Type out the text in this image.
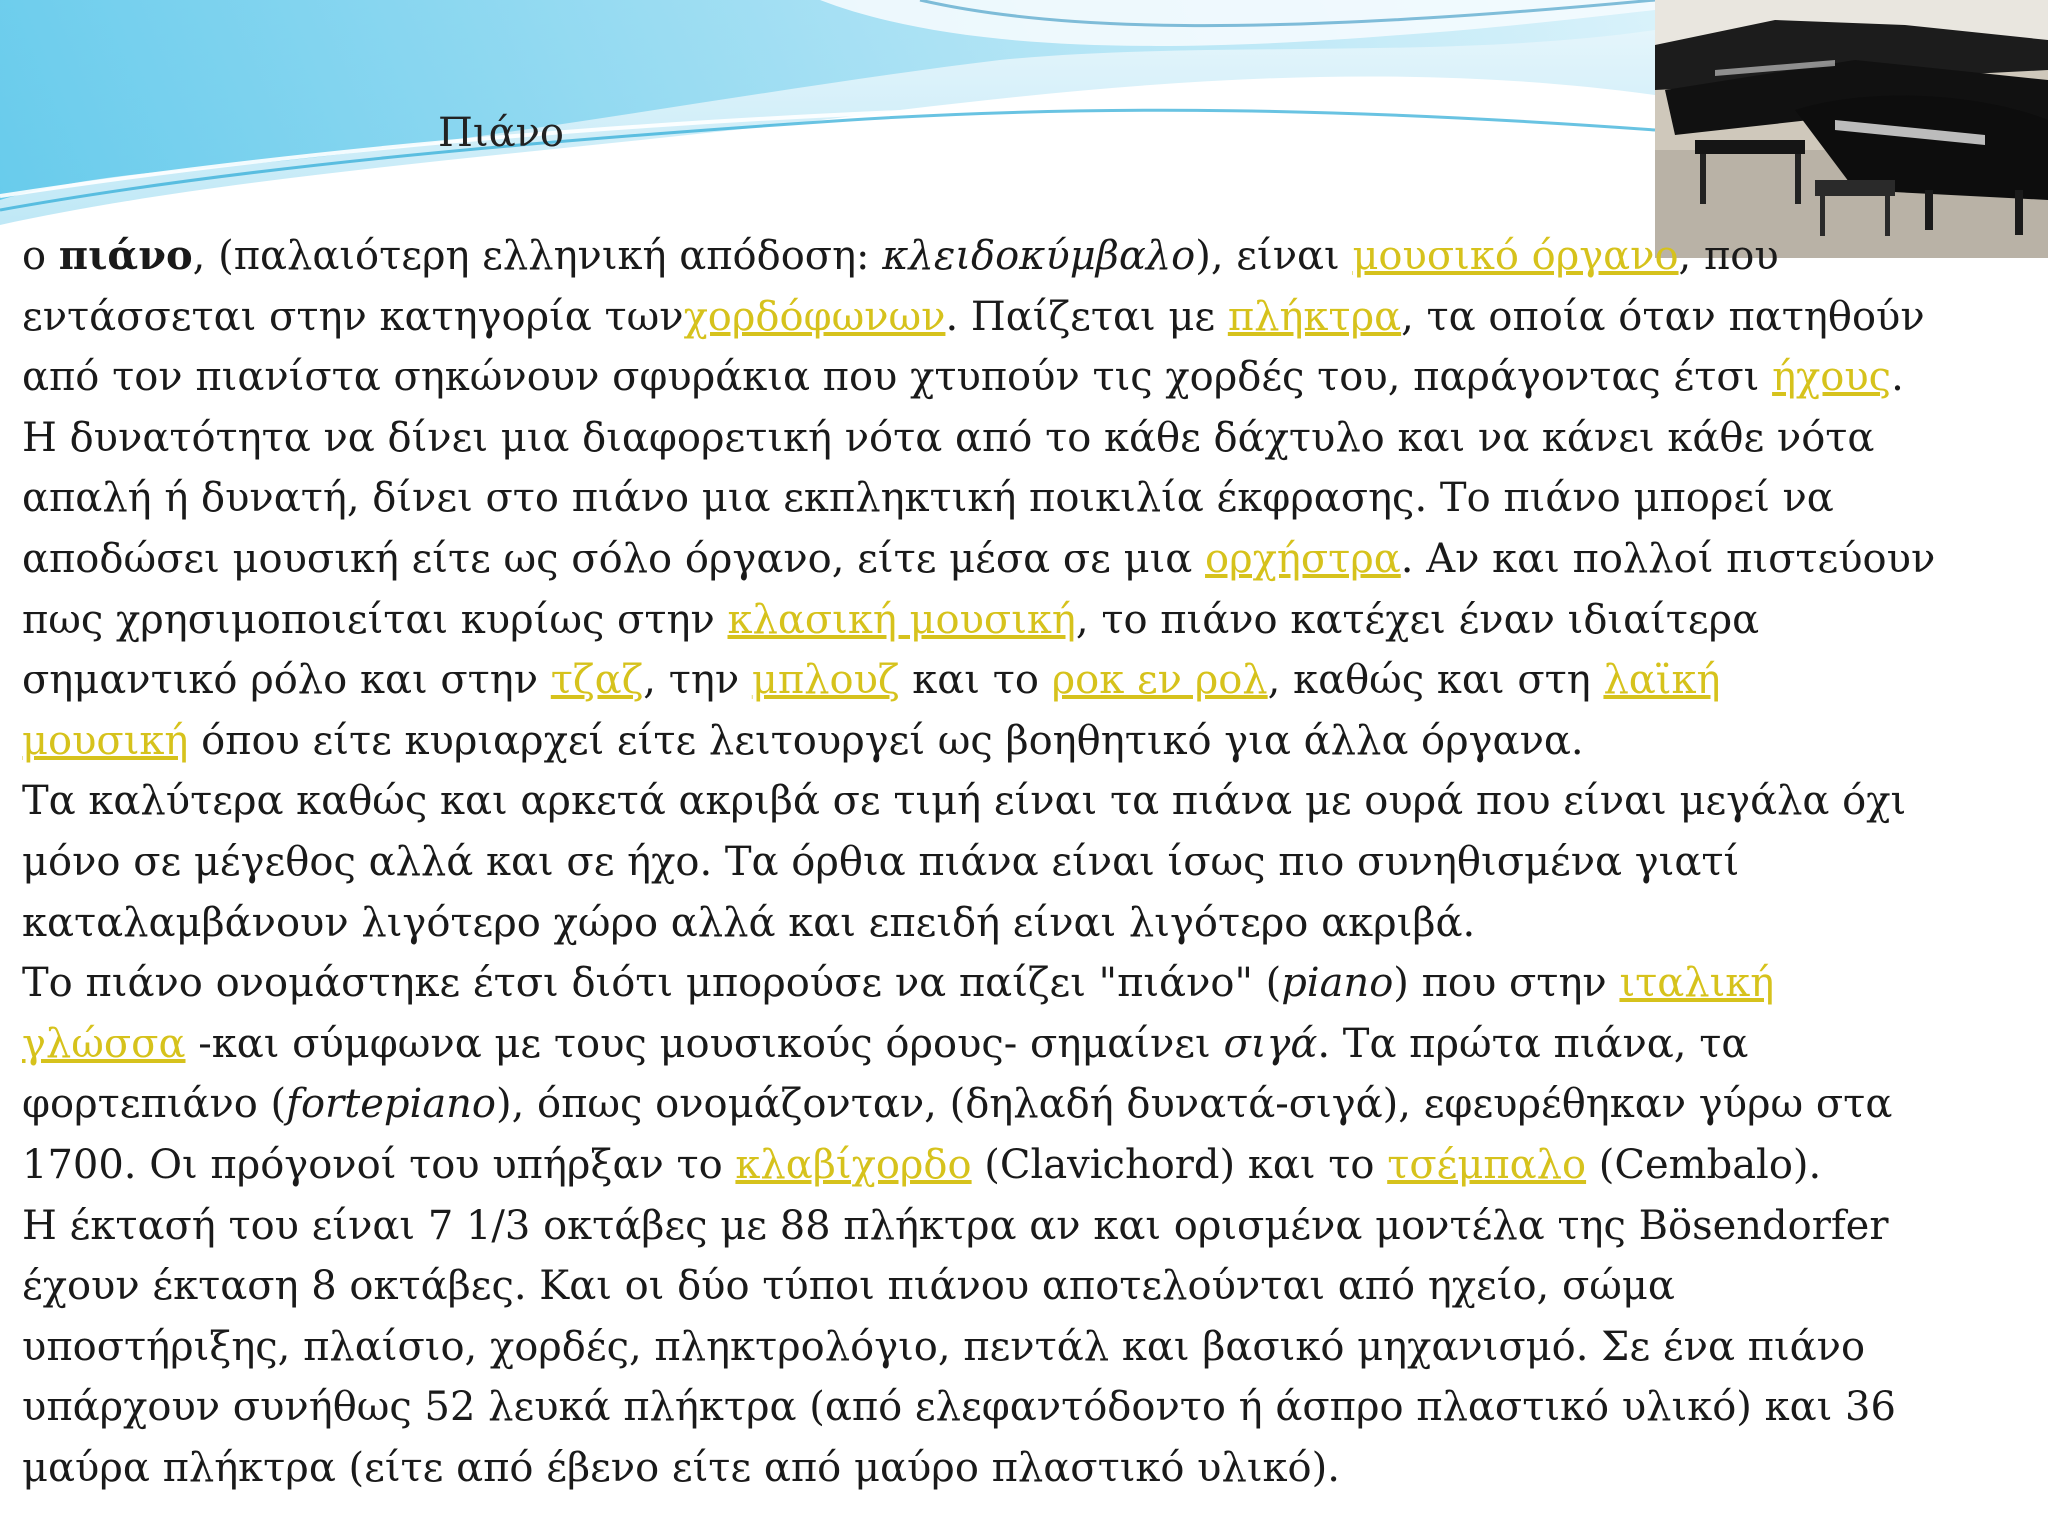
Πιάνο
ο πιάνο, (παλαιότερη ελληνική απόδοση: κλειδοκύμβαλο), είναι μουσικό όργανο, που
εντάσσεται στην κατηγορία τωνχορδόφωνων. Παίζεται με πλήκτρα, τα οποία όταν πατηθούν
από τον πιανίστα σηκώνουν σφυράκια που χτυπούν τις χορδές του, παράγοντας έτσι ήχους.
Η δυνατότητα να δίνει μια διαφορετική νότα από το κάθε δάχτυλο και να κάνει κάθε νότα
απαλή ή δυνατή, δίνει στο πιάνο μια εκπληκτική ποικιλία έκφρασης. Το πιάνο μπορεί να
αποδώσει μουσική είτε ως σόλο όργανο, είτε μέσα σε μια ορχήστρα. Αν και πολλοί πιστεύουν
πως χρησιμοποιείται κυρίως στην κλασική μουσική, το πιάνο κατέχει έναν ιδιαίτερα
σημαντικό ρόλο και στην τζαζ, την μπλουζ και το ροκ εν ρολ, καθώς και στη λαϊκή
μουσική όπου είτε κυριαρχεί είτε λειτουργεί ως βοηθητικό για άλλα όργανα.
Τα καλύτερα καθώς και αρκετά ακριβά σε τιμή είναι τα πιάνα με ουρά που είναι μεγάλα όχι
μόνο σε μέγεθος αλλά και σε ήχο. Τα όρθια πιάνα είναι ίσως πιο συνηθισμένα γιατί
καταλαμβάνουν λιγότερο χώρο αλλά και επειδή είναι λιγότερο ακριβά.
Το πιάνο ονομάστηκε έτσι διότι μπορούσε να παίζει "πιάνο" (piano) που στην ιταλική
γλώσσα -και σύμφωνα με τους μουσικούς όρους- σημαίνει σιγά. Τα πρώτα πιάνα, τα
φορτεπιάνο (fortepiano), όπως ονομάζονταν, (δηλαδή δυνατά-σιγά), εφευρέθηκαν γύρω στα
1700. Οι πρόγονοί του υπήρξαν το κλαβίχορδο (Clavichord) και το τσέμπαλο (Cembalo).
Η έκτασή του είναι 7 1/3 οκτάβες με 88 πλήκτρα αν και ορισμένα μοντέλα της Bösendorfer
έχουν έκταση 8 οκτάβες. Και οι δύο τύποι πιάνου αποτελούνται από ηχείο, σώμα
υποστήριξης, πλαίσιο, χορδές, πληκτρολόγιο, πεντάλ και βασικό μηχανισμό. Σε ένα πιάνο
υπάρχουν συνήθως 52 λευκά πλήκτρα (από ελεφαντόδοντο ή άσπρο πλαστικό υλικό) και 36
μαύρα πλήκτρα (είτε από έβενο είτε από μαύρο πλαστικό υλικό).
